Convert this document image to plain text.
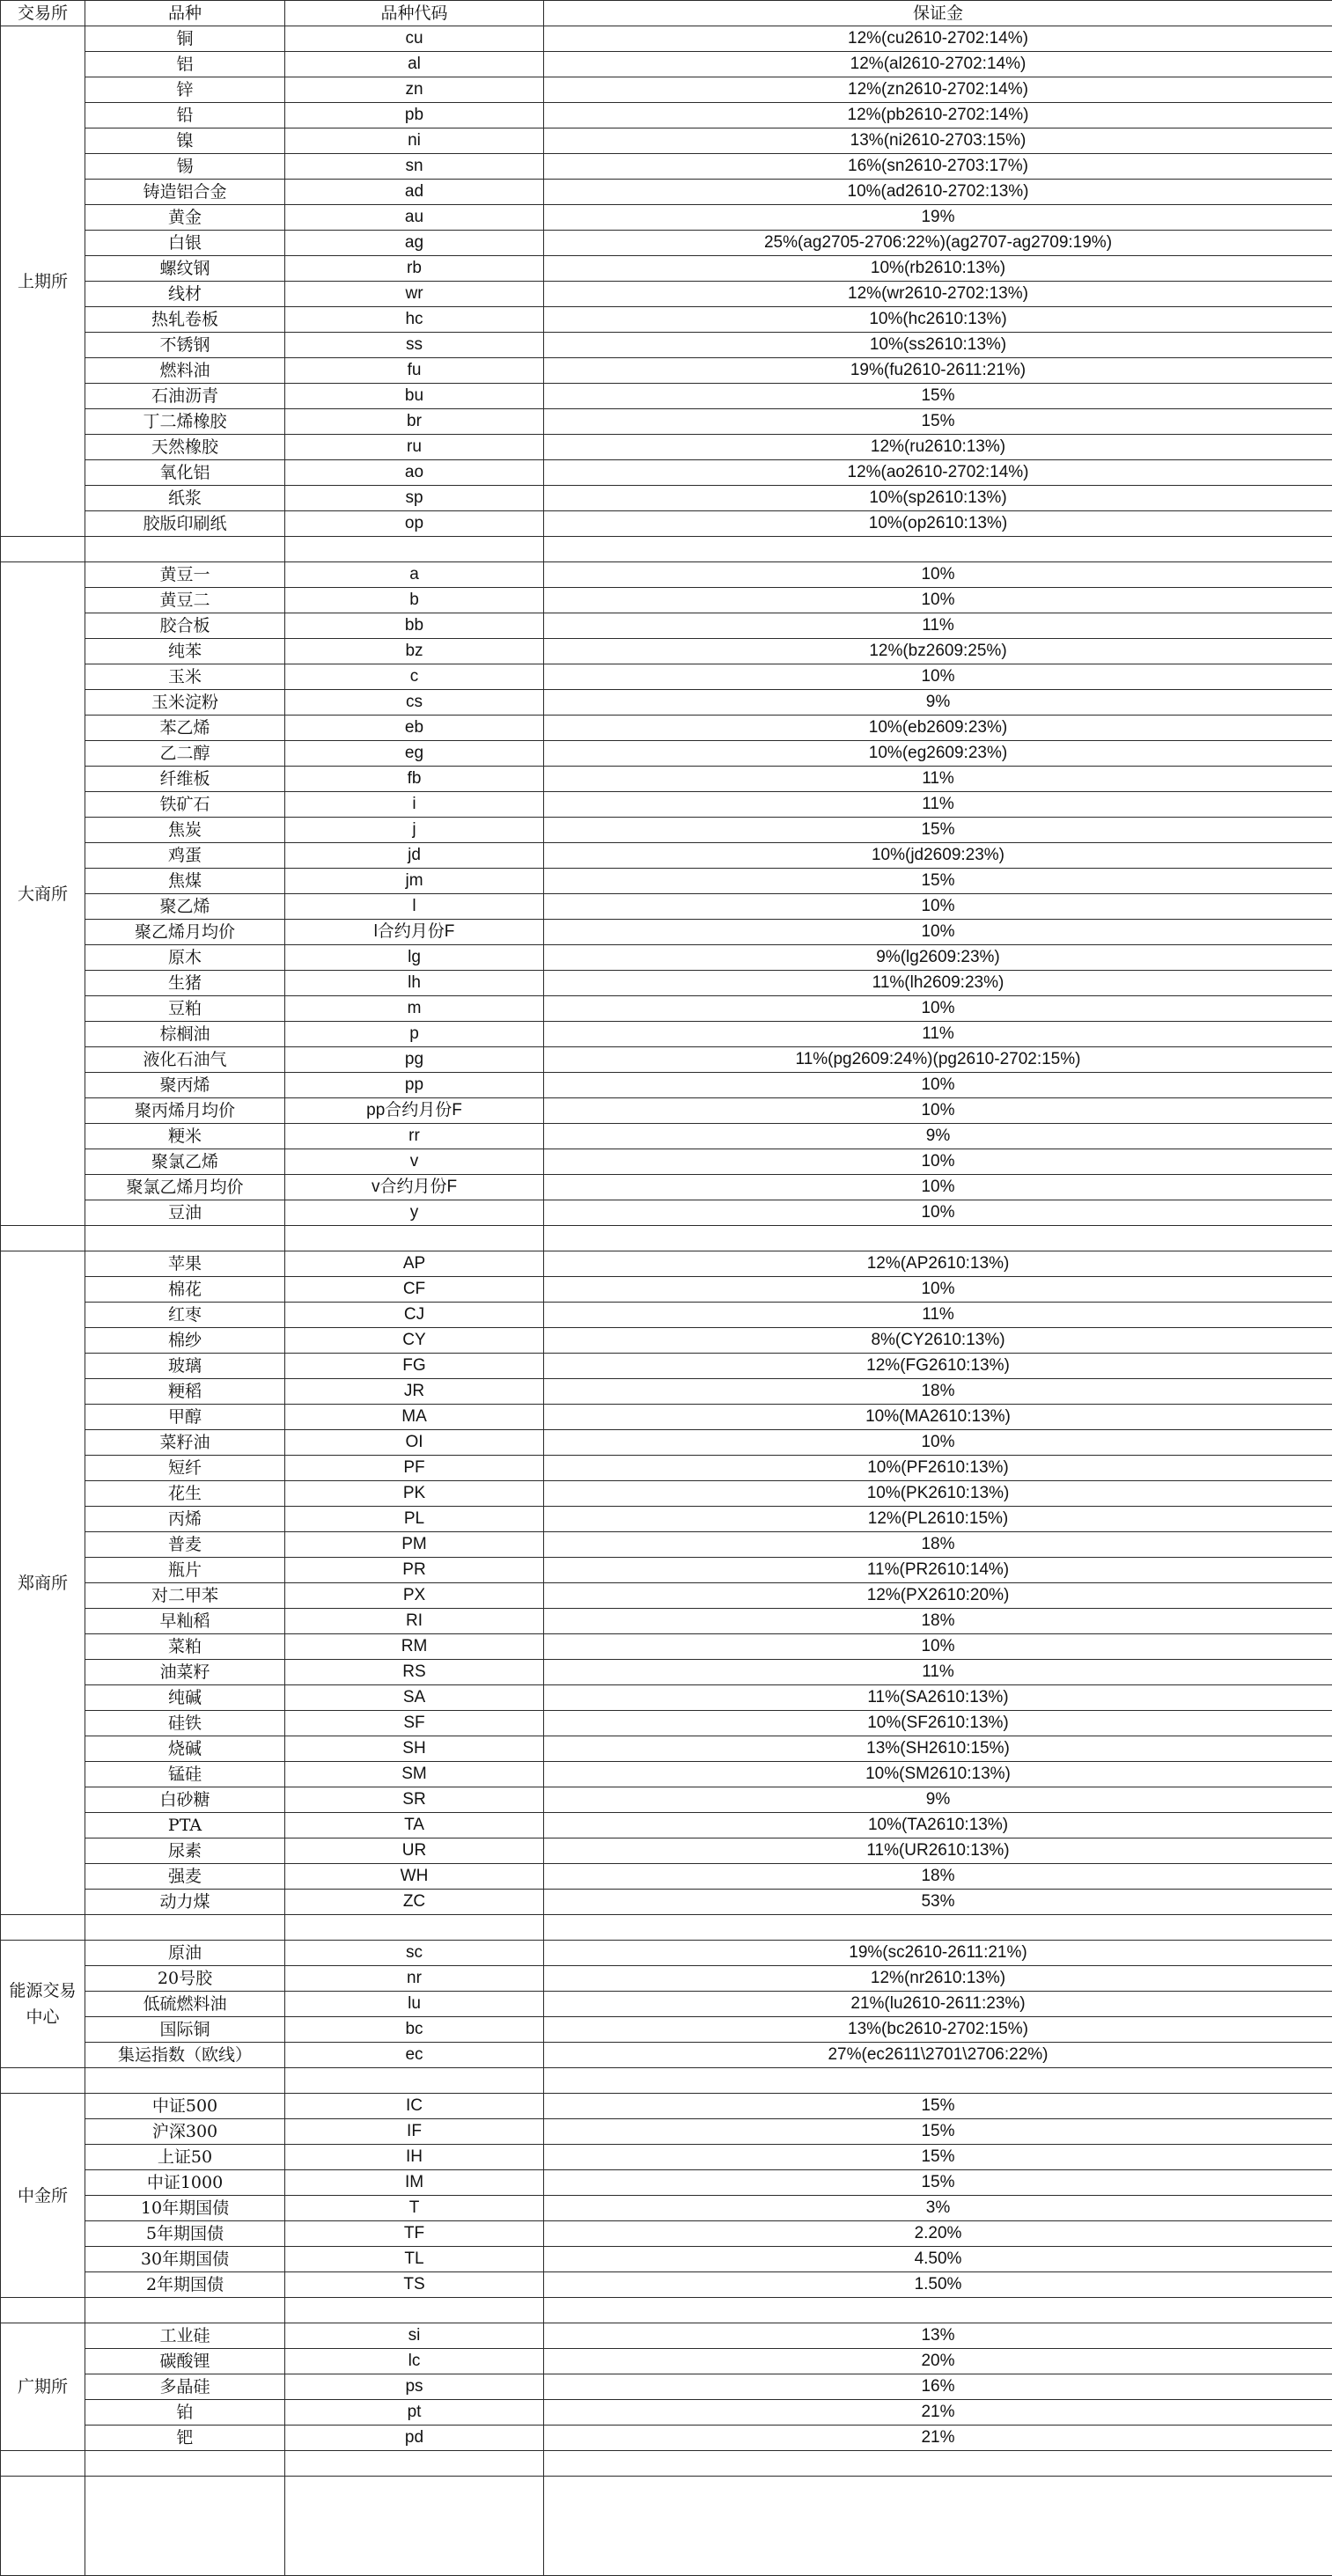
交易所	品种	品种代码	保证金
上期所	铜	cu	12%(cu2610-2702:14%)
	铝	al	12%(al2610-2702:14%)
	锌	zn	12%(zn2610-2702:14%)
	铅	pb	12%(pb2610-2702:14%)
	镍	ni	13%(ni2610-2703:15%)
	锡	sn	16%(sn2610-2703:17%)
	铸造铝合金	ad	10%(ad2610-2702:13%)
	黄金	au	19%
	白银	ag	25%(ag2705-2706:22%)(ag2707-ag2709:19%)
	螺纹钢	rb	10%(rb2610:13%)
	线材	wr	12%(wr2610-2702:13%)
	热轧卷板	hc	10%(hc2610:13%)
	不锈钢	ss	10%(ss2610:13%)
	燃料油	fu	19%(fu2610-2611:21%)
	石油沥青	bu	15%
	丁二烯橡胶	br	15%
	天然橡胶	ru	12%(ru2610:13%)
	氧化铝	ao	12%(ao2610-2702:14%)
	纸浆	sp	10%(sp2610:13%)
	胶版印刷纸	op	10%(op2610:13%)

大商所	黄豆一	a	10%
	黄豆二	b	10%
	胶合板	bb	11%
	纯苯	bz	12%(bz2609:25%)
	玉米	c	10%
	玉米淀粉	cs	9%
	苯乙烯	eb	10%(eb2609:23%)
	乙二醇	eg	10%(eg2609:23%)
	纤维板	fb	11%
	铁矿石	i	11%
	焦炭	j	15%
	鸡蛋	jd	10%(jd2609:23%)
	焦煤	jm	15%
	聚乙烯	l	10%
	聚乙烯月均价	l合约月份F	10%
	原木	lg	9%(lg2609:23%)
	生猪	lh	11%(lh2609:23%)
	豆粕	m	10%
	棕榈油	p	11%
	液化石油气	pg	11%(pg2609:24%)(pg2610-2702:15%)
	聚丙烯	pp	10%
	聚丙烯月均价	pp合约月份F	10%
	粳米	rr	9%
	聚氯乙烯	v	10%
	聚氯乙烯月均价	v合约月份F	10%
	豆油	y	10%

郑商所	苹果	AP	12%(AP2610:13%)
	棉花	CF	10%
	红枣	CJ	11%
	棉纱	CY	8%(CY2610:13%)
	玻璃	FG	12%(FG2610:13%)
	粳稻	JR	18%
	甲醇	MA	10%(MA2610:13%)
	菜籽油	OI	10%
	短纤	PF	10%(PF2610:13%)
	花生	PK	10%(PK2610:13%)
	丙烯	PL	12%(PL2610:15%)
	普麦	PM	18%
	瓶片	PR	11%(PR2610:14%)
	对二甲苯	PX	12%(PX2610:20%)
	早籼稻	RI	18%
	菜粕	RM	10%
	油菜籽	RS	11%
	纯碱	SA	11%(SA2610:13%)
	硅铁	SF	10%(SF2610:13%)
	烧碱	SH	13%(SH2610:15%)
	锰硅	SM	10%(SM2610:13%)
	白砂糖	SR	9%
	PTA	TA	10%(TA2610:13%)
	尿素	UR	11%(UR2610:13%)
	强麦	WH	18%
	动力煤	ZC	53%

能源交易中心	原油	sc	19%(sc2610-2611:21%)
	20号胶	nr	12%(nr2610:13%)
	低硫燃料油	lu	21%(lu2610-2611:23%)
	国际铜	bc	13%(bc2610-2702:15%)
	集运指数（欧线）	ec	27%(ec2611\2701\2706:22%)

中金所	中证500	IC	15%
	沪深300	IF	15%
	上证50	IH	15%
	中证1000	IM	15%
	10年期国债	T	3%
	5年期国债	TF	2.20%
	30年期国债	TL	4.50%
	2年期国债	TS	1.50%

广期所	工业硅	si	13%
	碳酸锂	lc	20%
	多晶硅	ps	16%
	铂	pt	21%
	钯	pd	21%
